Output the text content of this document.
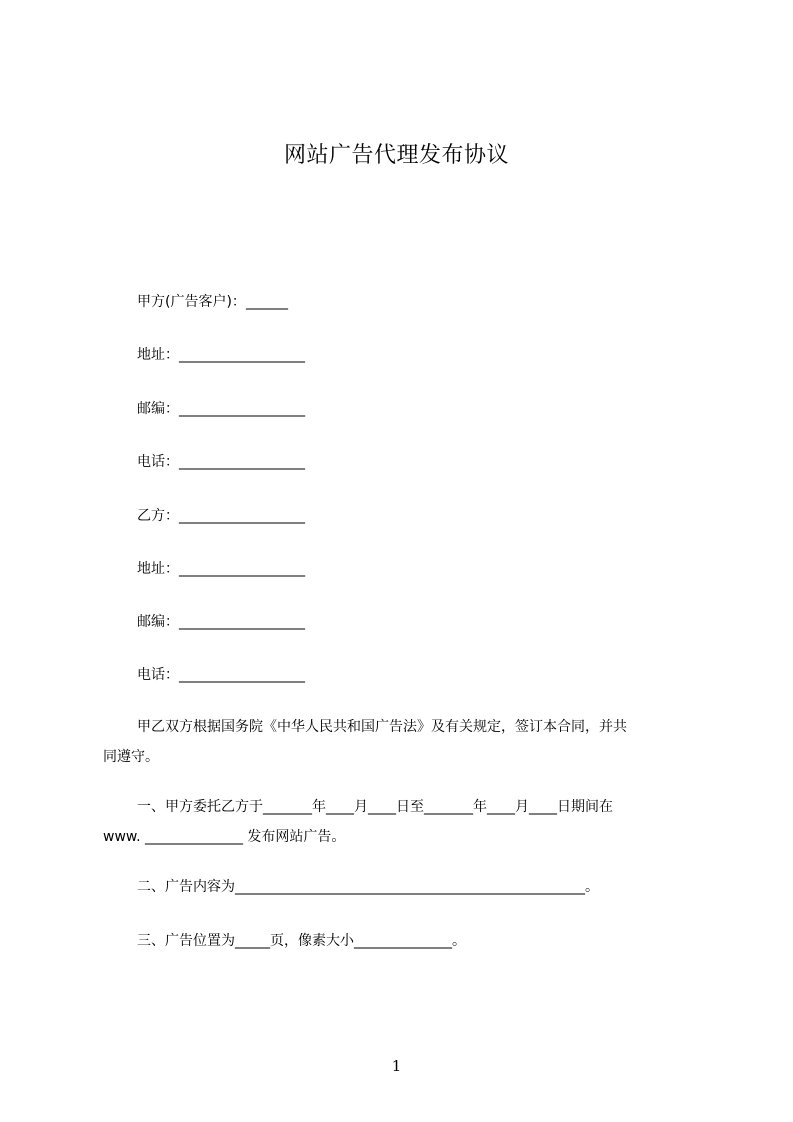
网站广告代理发布协议
甲方(广告客户)：______
地址：__________________
邮编：__________________
电话：__________________
乙方：__________________
地址：__________________
邮编：__________________
电话：__________________
甲乙双方根据国务院《中华人民共和国广告法》及有关规定，签订本合同，并共
同遵守。
一、甲方委托乙方于_______年____月____日至_______年____月____日期间在
www. ______________ 发布网站广告。
二、广告内容为__________________________________________________。
三、广告位置为_____页，像素大小______________。
1
